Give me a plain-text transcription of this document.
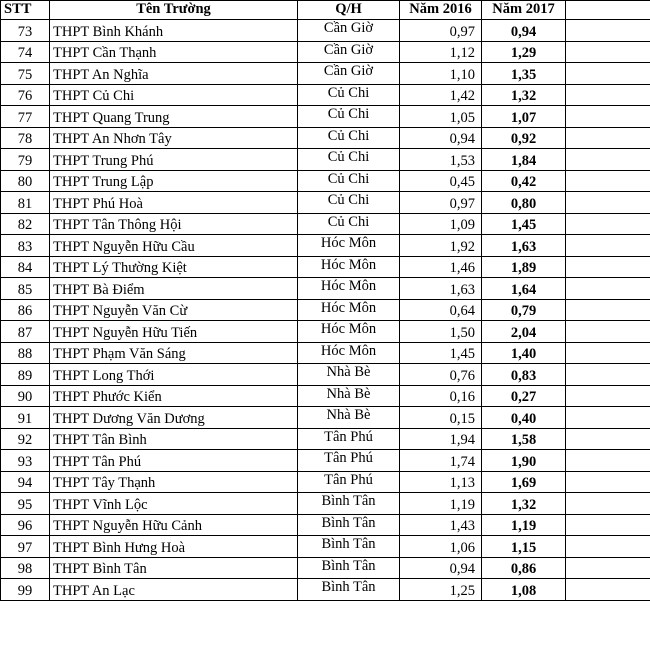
STT	Tên Trường	Q/H	Năm 2016	Năm 2017	
73	THPT Bình Khánh	Cần Giờ	0,97	0,94	
74	THPT Cần Thạnh	Cần Giờ	1,12	1,29	
75	THPT An Nghĩa	Cần Giờ	1,10	1,35	
76	THPT Củ Chi	Củ Chi	1,42	1,32	
77	THPT Quang Trung	Củ Chi	1,05	1,07	
78	THPT An Nhơn Tây	Củ Chi	0,94	0,92	
79	THPT Trung Phú	Củ Chi	1,53	1,84	
80	THPT Trung Lập	Củ Chi	0,45	0,42	
81	THPT Phú Hoà	Củ Chi	0,97	0,80	
82	THPT Tân Thông Hội	Củ Chi	1,09	1,45	
83	THPT Nguyễn Hữu Cầu	Hóc Môn	1,92	1,63	
84	THPT Lý Thường Kiệt	Hóc Môn	1,46	1,89	
85	THPT Bà Điểm	Hóc Môn	1,63	1,64	
86	THPT Nguyễn Văn Cừ	Hóc Môn	0,64	0,79	
87	THPT Nguyễn Hữu Tiến	Hóc Môn	1,50	2,04	
88	THPT Phạm Văn Sáng	Hóc Môn	1,45	1,40	
89	THPT Long Thới	Nhà Bè	0,76	0,83	
90	THPT Phước Kiển	Nhà Bè	0,16	0,27	
91	THPT Dương Văn Dương	Nhà Bè	0,15	0,40	
92	THPT Tân Bình	Tân Phú	1,94	1,58	
93	THPT Tân Phú	Tân Phú	1,74	1,90	
94	THPT Tây Thạnh	Tân Phú	1,13	1,69	
95	THPT Vĩnh Lộc	Bình Tân	1,19	1,32	
96	THPT Nguyễn Hữu Cảnh	Bình Tân	1,43	1,19	
97	THPT Bình Hưng Hoà	Bình Tân	1,06	1,15	
98	THPT Bình Tân	Bình Tân	0,94	0,86	
99	THPT An Lạc	Bình Tân	1,25	1,08	
